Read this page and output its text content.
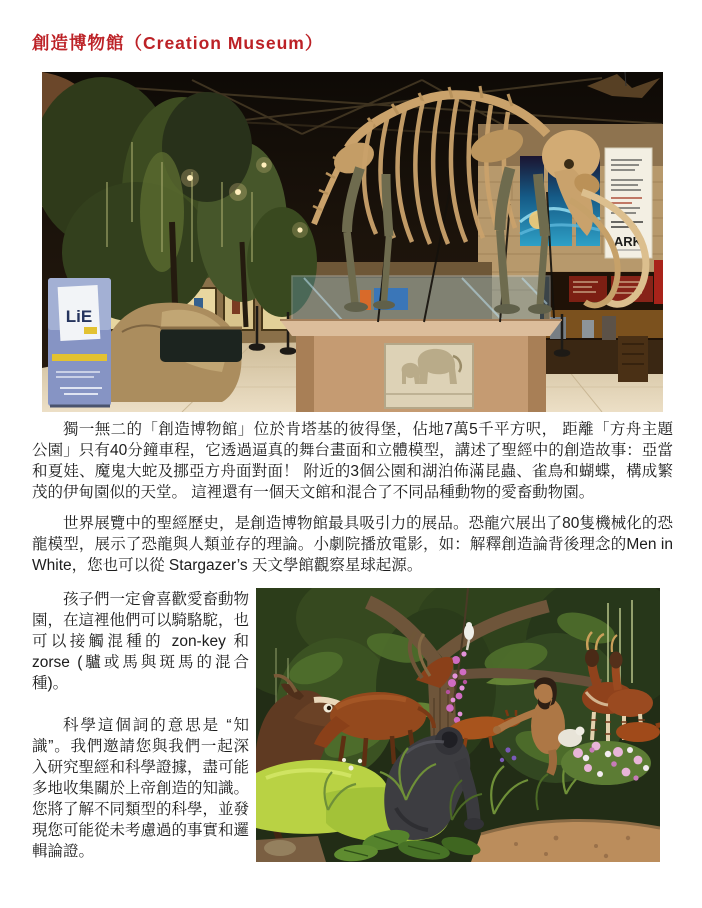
創造博物館（Creation Museum）
ARK
LiE

獨一無二的「創造博物館」位於肯塔基的彼得堡，佔地7萬5千平方呎， 距離「方舟主題公園」只有40分鐘車程，它透過逼真的舞台畫面和立體模型，講述了聖經中的創造故事：亞當和夏娃、魔鬼大蛇及挪亞方舟面對面！ 附近的3個公園和湖泊佈滿昆蟲、雀鳥和蝴蝶，構成繁茂的伊甸園似的天堂。 這裡還有一個天文館和混合了不同品種動物的愛畜動物園。

世界展覽中的聖經歷史，是創造博物館最具吸引力的展品。恐龍穴展出了80隻機械化的恐龍模型，展示了恐龍與人類並存的理論。小劇院播放電影，如：解釋創造論背後理念的Men in White，您也可以從 Stargazer’s 天文學館觀察星球起源。

孩子們一定會喜歡愛畜動物園，在這裡他們可以騎駱駝，也可以接觸混種的 zon-key 和 zorse (驢或馬與斑馬的混合種)。

科學這個詞的意思是 “知識”。我們邀請您與我們一起深入研究聖經和科學證據，盡可能多地收集關於上帝創造的知識。 您將了解不同類型的科學，並發現您可能從未考慮過的事實和邏輯論證。
